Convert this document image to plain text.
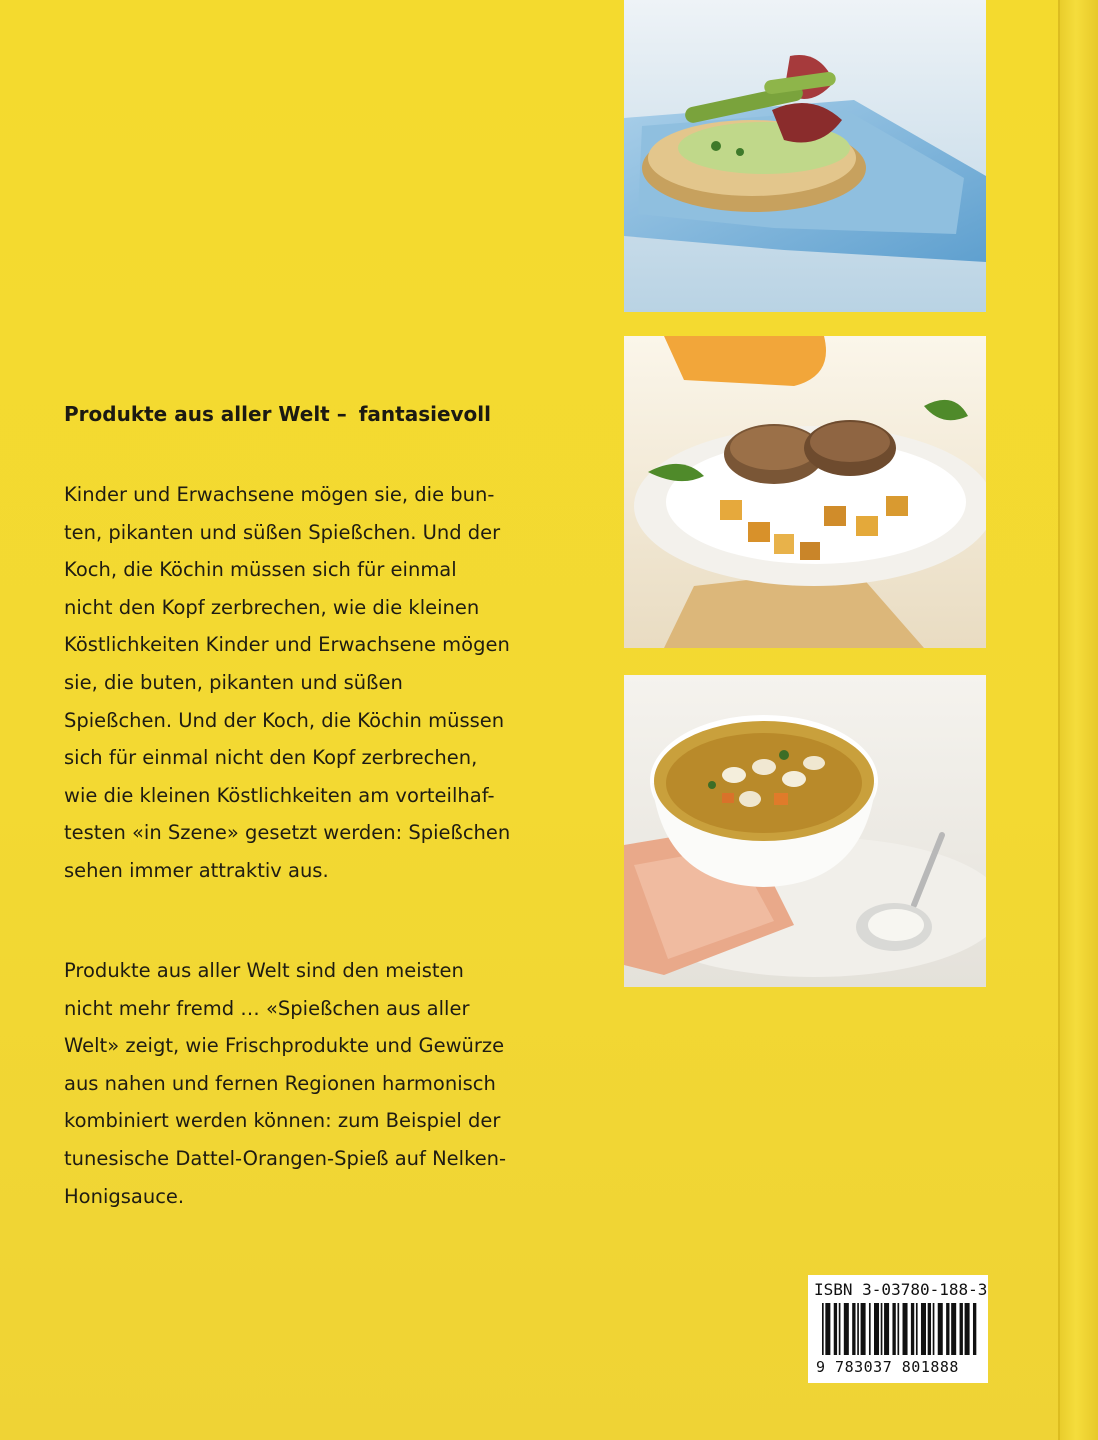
Produkte aus aller Welt – fantasievoll
Kinder und Erwachsene mögen sie, die bun-
ten, pikanten und süßen Spießchen. Und der
Koch, die Köchin müssen sich für einmal
nicht den Kopf zerbrechen, wie die kleinen
Köstlichkeiten Kinder und Erwachsene mögen
sie, die buten, pikanten und süßen
Spießchen. Und der Koch, die Köchin müssen
sich für einmal nicht den Kopf zerbrechen,
wie die kleinen Köstlichkeiten am vorteilhaf-
testen «in Szene» gesetzt werden: Spießchen
sehen immer attraktiv aus.
Produkte aus aller Welt sind den meisten
nicht mehr fremd … «Spießchen aus aller
Welt» zeigt, wie Frischprodukte und Gewürze
aus nahen und fernen Regionen harmonisch
kombiniert werden können: zum Beispiel der
tunesische Dattel-Orangen-Spieß auf Nelken-
Honigsauce.
ISBN 3-03780-188-3
9 783037 801888
